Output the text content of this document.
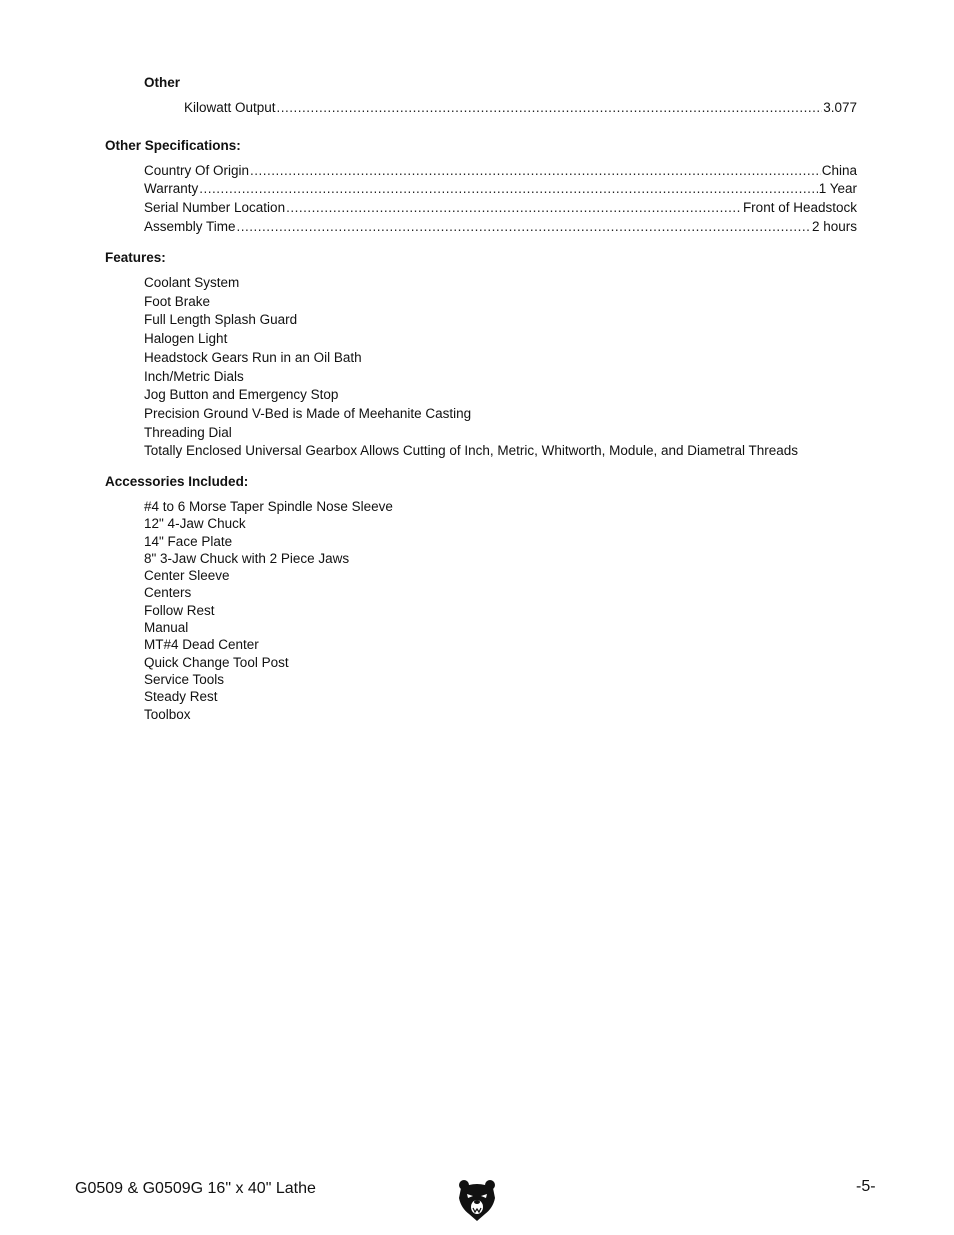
Other
Kilowatt Output .....	3.077
Other Specifications:
Country Of Origin .....	China
Warranty .....	1 Year
Serial Number Location .....	Front of Headstock
Assembly Time .....	2 hours
Features:
Coolant System
Foot Brake
Full Length Splash Guard
Halogen Light
Headstock Gears Run in an Oil Bath
Inch/Metric Dials
Jog Button and Emergency Stop
Precision Ground V-Bed is Made of Meehanite Casting
Threading Dial
Totally Enclosed Universal Gearbox Allows Cutting of Inch, Metric, Whitworth, Module, and Diametral Threads
Accessories Included:
#4 to 6 Morse Taper Spindle Nose Sleeve
12" 4-Jaw Chuck
14" Face Plate
8" 3-Jaw Chuck with 2 Piece Jaws
Center Sleeve
Centers
Follow Rest
Manual
MT#4 Dead Center
Quick Change Tool Post
Service Tools
Steady Rest
Toolbox
G0509 & G0509G 16" x 40" Lathe	-5-
